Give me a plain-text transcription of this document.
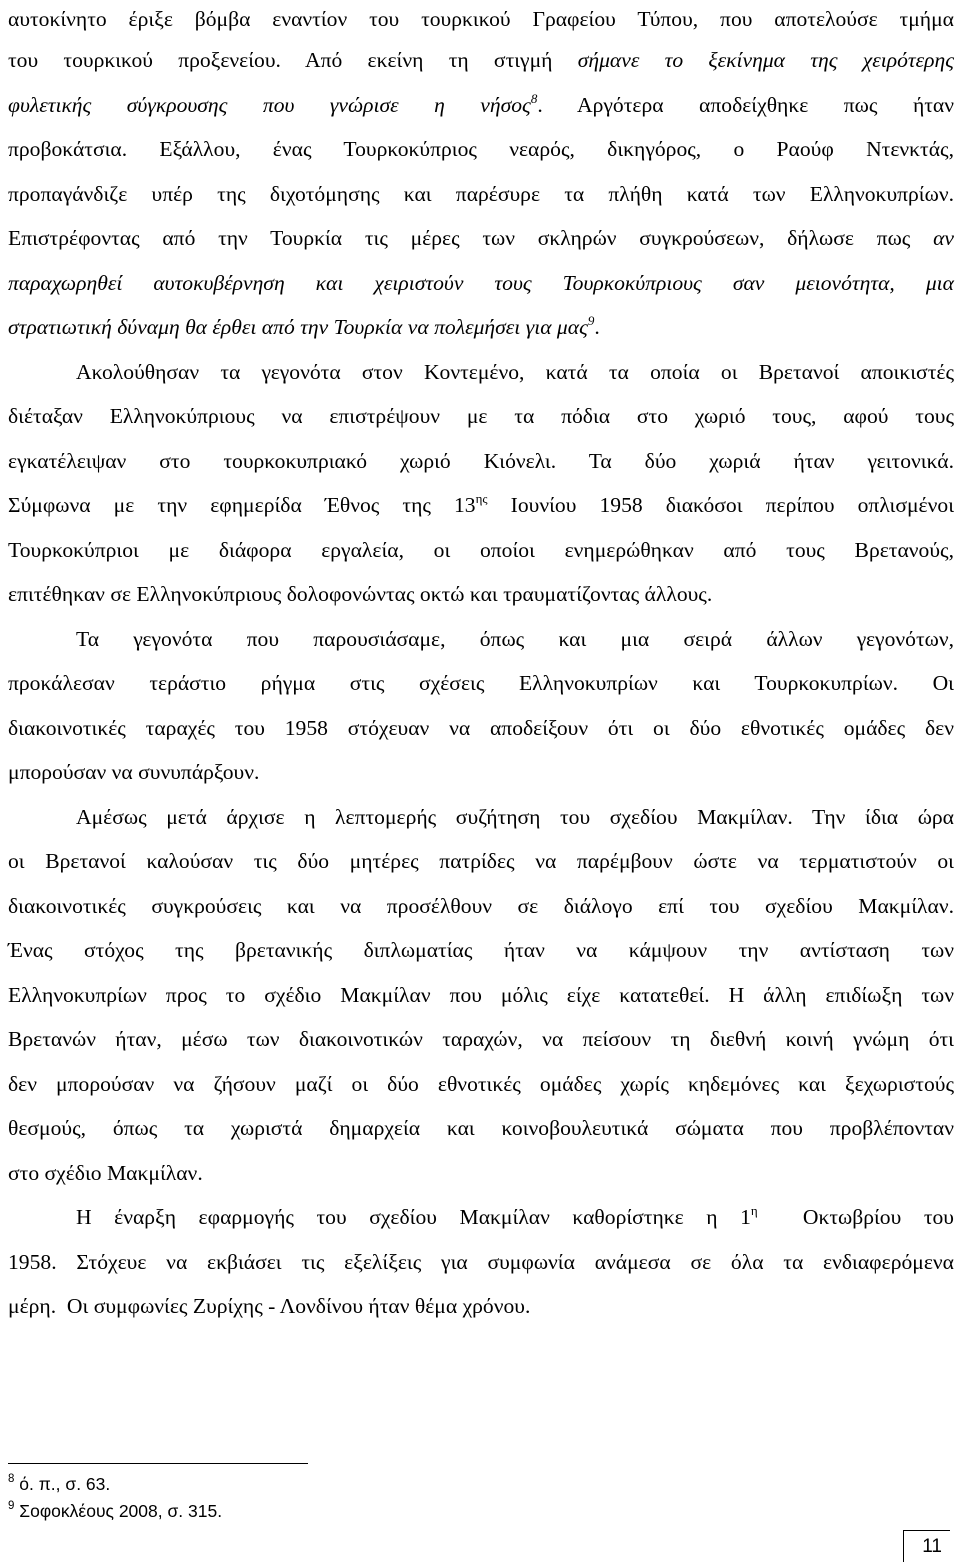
αυτοκίνητο έριξε βόμβα εναντίον του τουρκικού Γραφείου Τύπου, που αποτελούσε τμήμα
του τουρκικού προξενείου. Από εκείνη τη στιγμή σήμανε το ξεκίνημα της χειρότερης
φυλετικής σύγκρουσης που γνώρισε η νήσος$^8$. Αργότερα αποδείχθηκε πως ήταν
προβοκάτσια. Εξάλλου, ένας Τουρκοκύπριος νεαρός, δικηγόρος, ο Ραούφ Ντενκτάς,
προπαγάνδιζε υπέρ της διχοτόμησης και παρέσυρε τα πλήθη κατά των Ελληνοκυπρίων.
Επιστρέφοντας από την Τουρκία τις μέρες των σκληρών συγκρούσεων, δήλωσε πως αν
παραχωρηθεί αυτοκυβέρνηση και χειριστούν τους Τουρκοκύπριους σαν μειονότητα, μια
στρατιωτική δύναμη θα έρθει από την Τουρκία να πολεμήσει για μας$^9$.
Ακολούθησαν τα γεγονότα στον Κοντεμένο, κατά τα οποία οι Βρετανοί αποικιστές
διέταξαν Ελληνοκύπριους να επιστρέψουν με τα πόδια στο χωριό τους, αφού τους
εγκατέλειψαν στο τουρκοκυπριακό χωριό Κιόνελι. Τα δύο χωριά ήταν γειτονικά.
Σύμφωνα με την εφημερίδα Έθνος της $13^{\eta\varsigma}$ Ιουνίου 1958 διακόσοι περίπου οπλισμένοι
Τουρκοκύπριοι με διάφορα εργαλεία, οι οποίοι ενημερώθηκαν από τους Βρετανούς,
επιτέθηκαν σε Ελληνοκύπριους δολοφονώντας οκτώ και τραυματίζοντας άλλους.
Τα γεγονότα που παρουσιάσαμε, όπως και μια σειρά άλλων γεγονότων,
προκάλεσαν τεράστιο ρήγμα στις σχέσεις Ελληνοκυπρίων και Τουρκοκυπρίων. Οι
διακοινοτικές ταραχές του 1958 στόχευαν να αποδείξουν ότι οι δύο εθνοτικές ομάδες δεν
μπορούσαν να συνυπάρξουν.
Αμέσως μετά άρχισε η λεπτομερής συζήτηση του σχεδίου Μακμίλαν. Την ίδια ώρα
οι Βρετανοί καλούσαν τις δύο μητέρες πατρίδες να παρέμβουν ώστε να τερματιστούν οι
διακοινοτικές συγκρούσεις και να προσέλθουν σε διάλογο επί του σχεδίου Μακμίλαν.
Ένας στόχος της βρετανικής διπλωματίας ήταν να κάμψουν την αντίσταση των
Ελληνοκυπρίων προς το σχέδιο Μακμίλαν που μόλις είχε κατατεθεί. Η άλλη επιδίωξη των
Βρετανών ήταν, μέσω των διακοινοτικών ταραχών, να πείσουν τη διεθνή κοινή γνώμη ότι
δεν μπορούσαν να ζήσουν μαζί οι δύο εθνοτικές ομάδες χωρίς κηδεμόνες και ξεχωριστούς
θεσμούς, όπως τα χωριστά δημαρχεία και κοινοβουλευτικά σώματα που προβλέπονταν
στο σχέδιο Μακμίλαν.
Η έναρξη εφαρμογής του σχεδίου Μακμίλαν καθορίστηκε η $1^\eta$  Οκτωβρίου του
1958. Στόχευε να εκβιάσει τις εξελίξεις για συμφωνία ανάμεσα σε όλα τα ενδιαφερόμενα
μέρη.  Οι συμφωνίες Ζυρίχης - Λονδίνου ήταν θέμα χρόνου.
$^8$ ό. π., σ. 63.
$^9$ Σοφοκλέους 2008, σ. 315.
11
